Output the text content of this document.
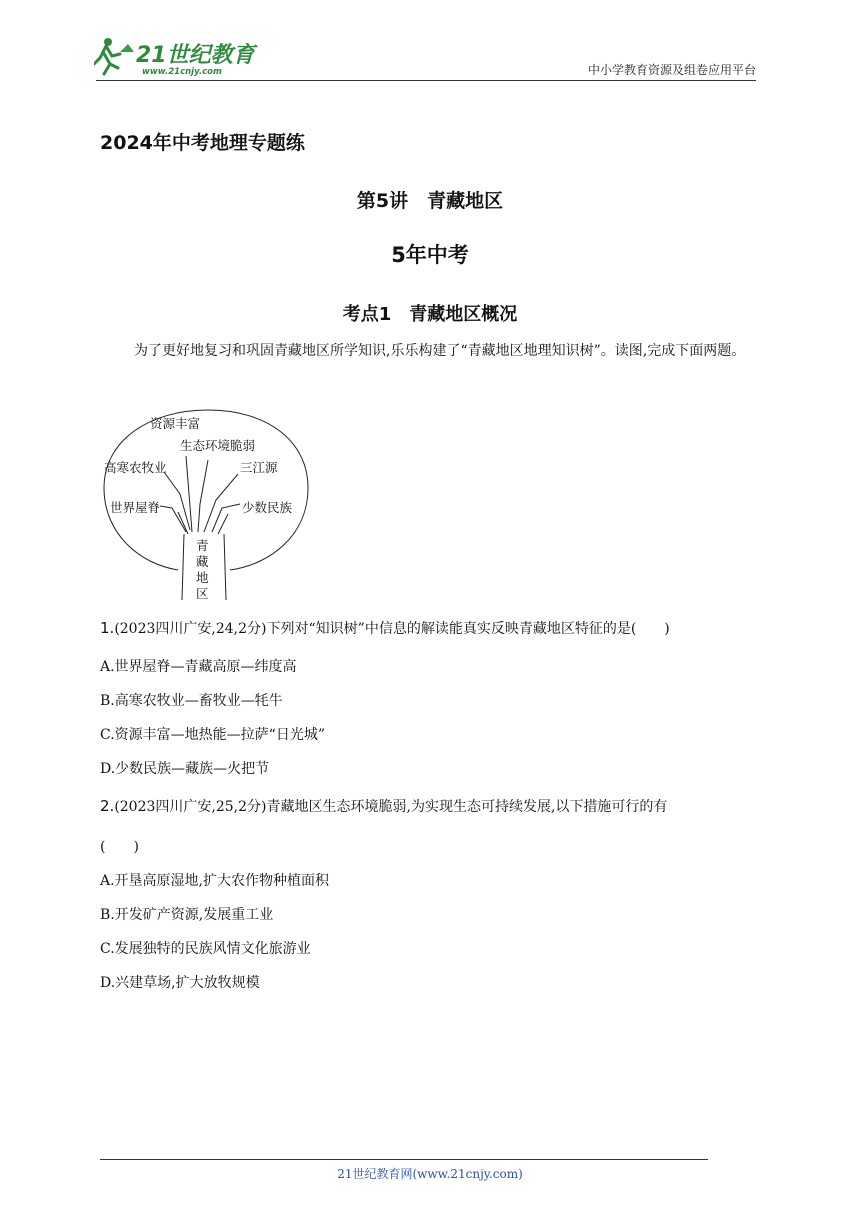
21世纪教育
www.21cnjy.com	中小学教育资源及组卷应用平台
2024年中考地理专题练
第5讲　青藏地区
5年中考
考点1　青藏地区概况
为了更好地复习和巩固青藏地区所学知识,乐乐构建了“青藏地区地理知识树”。读图,完成下面两题。
资源丰富
生态环境脆弱
高寒农牧业	三江源
世界屋脊	少数民族
青
藏
地
区
1.(2023四川广安,24,2分)下列对“知识树”中信息的解读能真实反映青藏地区特征的是(　　)
A.世界屋脊—青藏高原—纬度高
B.高寒农牧业—畜牧业—牦牛
C.资源丰富—地热能—拉萨“日光城”
D.少数民族—藏族—火把节
2.(2023四川广安,25,2分)青藏地区生态环境脆弱,为实现生态可持续发展,以下措施可行的有
(　　)
A.开垦高原湿地,扩大农作物种植面积
B.开发矿产资源,发展重工业
C.发展独特的民族风情文化旅游业
D.兴建草场,扩大放牧规模
21世纪教育网(www.21cnjy.com)
